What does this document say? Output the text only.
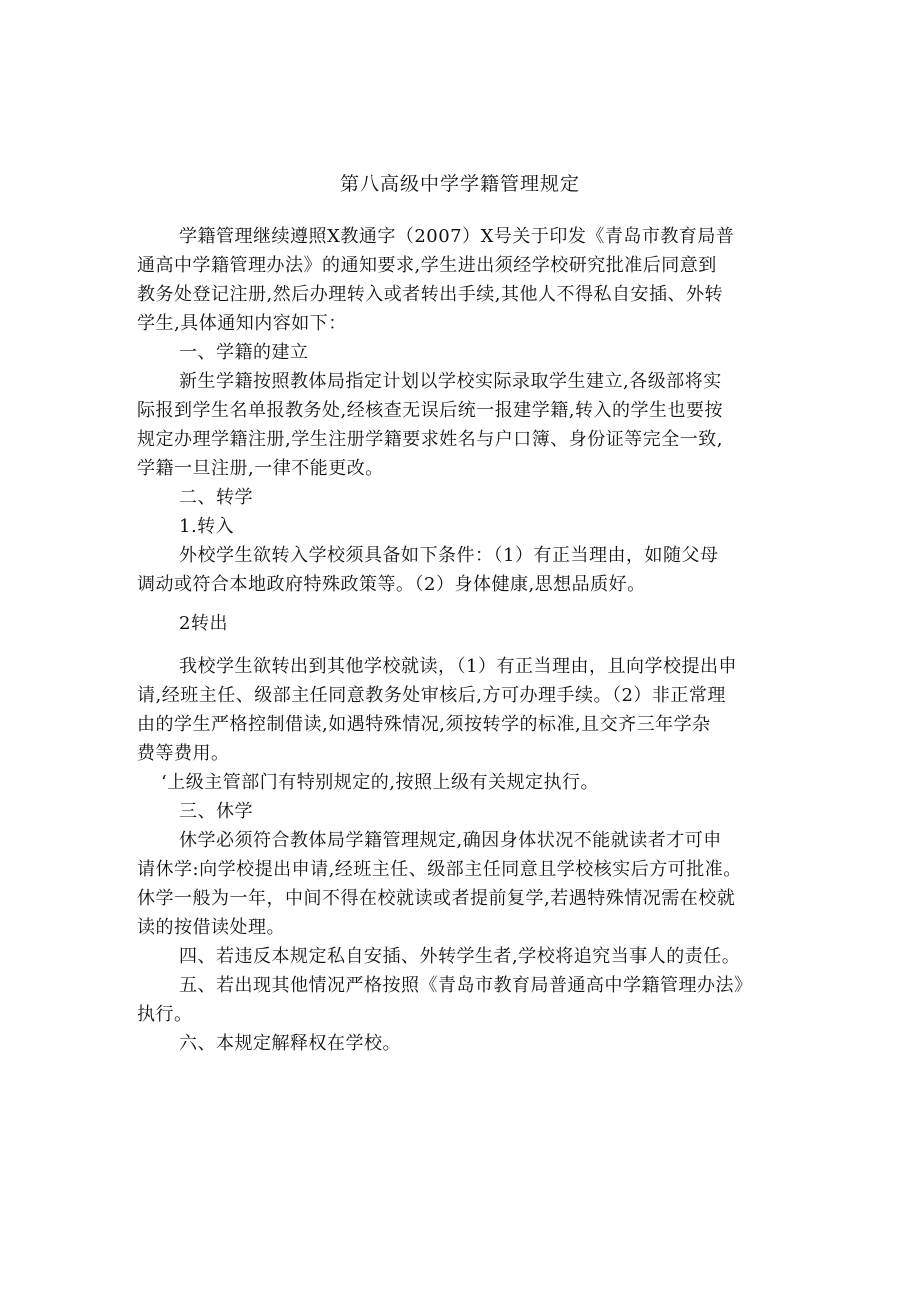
第八高级中学学籍管理规定
学籍管理继续遵照X教通字（2007）X号关于印发《青岛市教育局普
通高中学籍管理办法》的通知要求,学生进出须经学校研究批准后同意到
教务处登记注册,然后办理转入或者转出手续,其他人不得私自安插、外转
学生,具体通知内容如下：
一、学籍的建立
新生学籍按照教体局指定计划以学校实际录取学生建立,各级部将实
际报到学生名单报教务处,经核查无误后统一报建学籍,转入的学生也要按
规定办理学籍注册,学生注册学籍要求姓名与户口簿、身份证等完全一致,
学籍一旦注册,一律不能更改。
二、转学
1.转入
外校学生欲转入学校须具备如下条件：（1）有正当理由，如随父母
调动或符合本地政府特殊政策等。（2）身体健康,思想品质好。
2转出
我校学生欲转出到其他学校就读，（1）有正当理由，且向学校提出申
请,经班主任、级部主任同意教务处审核后,方可办理手续。（2）非正常理
由的学生严格控制借读,如遇特殊情况,须按转学的标准,且交齐三年学杂
费等费用。
‘上级主管部门有特别规定的,按照上级有关规定执行。
三、休学
休学必须符合教体局学籍管理规定,确因身体状况不能就读者才可申
请休学:向学校提出申请,经班主任、级部主任同意且学校核实后方可批准。
休学一般为一年，中间不得在校就读或者提前复学,若遇特殊情况需在校就
读的按借读处理。
四、若违反本规定私自安插、外转学生者,学校将追究当事人的责任。
五、若出现其他情况严格按照《青岛市教育局普通高中学籍管理办法》
执行。
六、本规定解释权在学校。
